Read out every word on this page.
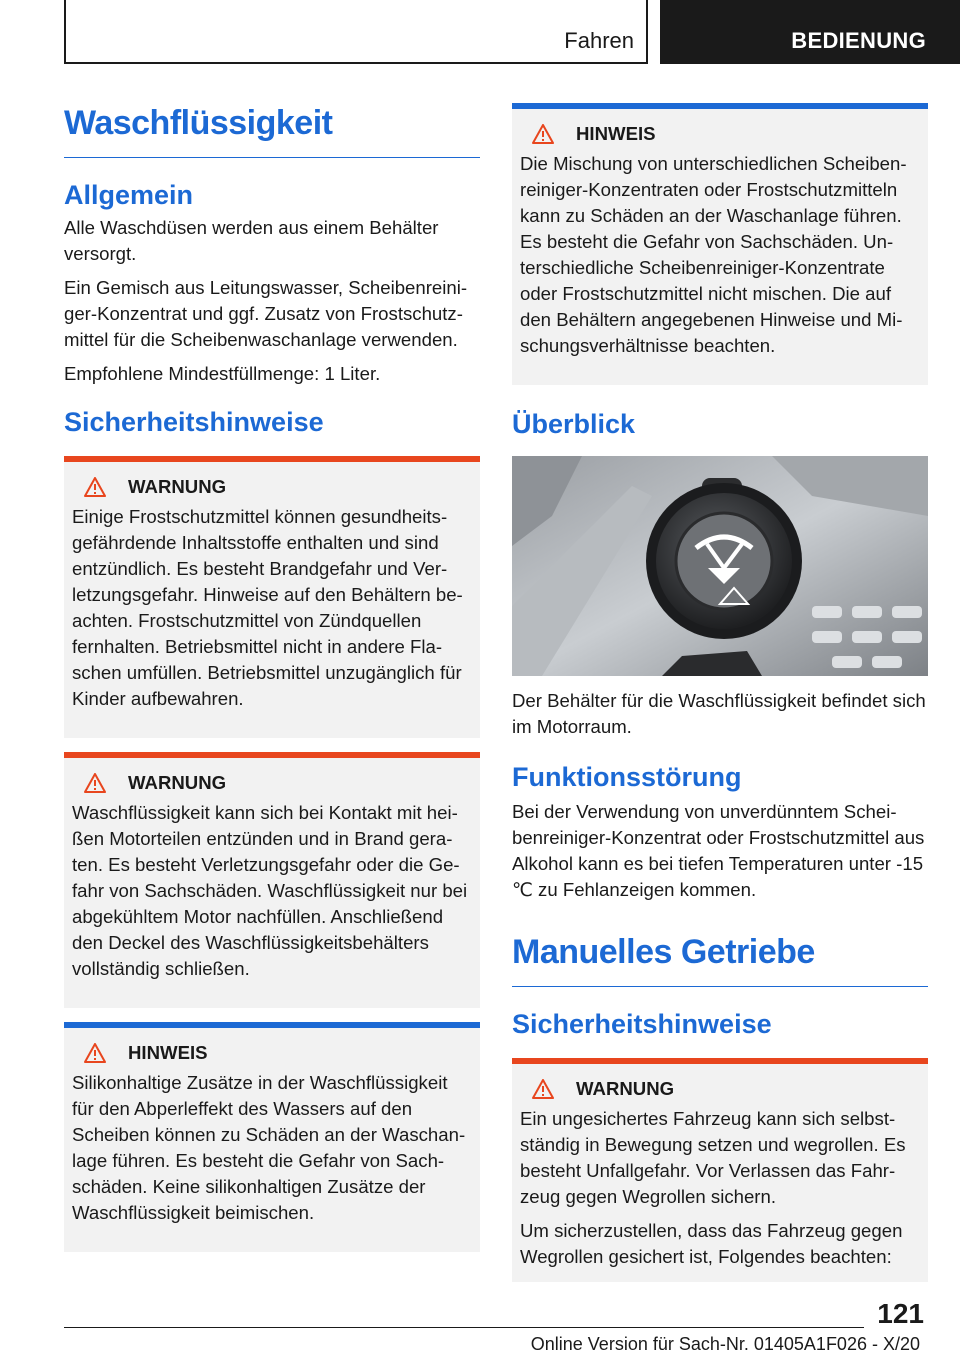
Fahren	BEDIENUNG
Waschflüssigkeit
Allgemein

Alle Waschdüsen werden aus einem Behälter versorgt.

Ein Gemisch aus Leitungswasser, Scheibenreiniger-Konzentrat und ggf. Zusatz von Frostschutzmittel für die Scheibenwaschanlage verwenden.

Empfohlene Mindestfüllmenge: 1 Liter.

Sicherheitshinweise
WARNUNG

Einige Frostschutzmittel können gesundheitsgefährdende Inhaltsstoffe enthalten und sind entzündlich. Es besteht Brandgefahr und Verletzungsgefahr. Hinweise auf den Behältern beachten. Frostschutzmittel von Zündquellen fernhalten. Betriebsmittel nicht in andere Flaschen umfüllen. Betriebsmittel unzugänglich für Kinder aufbewahren.

WARNUNG

Waschflüssigkeit kann sich bei Kontakt mit heißen Motorteilen entzünden und in Brand geraten. Es besteht Verletzungsgefahr oder die Gefahr von Sachschäden. Waschflüssigkeit nur bei abgekühltem Motor nachfüllen. Anschließend den Deckel des Waschflüssigkeitsbehälters vollständig schließen.

HINWEIS

Silikonhaltige Zusätze in der Waschflüssigkeit für den Abperleffekt des Wassers auf den Scheiben können zu Schäden an der Waschanlage führen. Es besteht die Gefahr von Sachschäden. Keine silikonhaltigen Zusätze der Waschflüssigkeit beimischen.

HINWEIS

Die Mischung von unterschiedlichen Scheibenreiniger-Konzentraten oder Frostschutzmitteln kann zu Schäden an der Waschanlage führen. Es besteht die Gefahr von Sachschäden. Unterschiedliche Scheibenreiniger-Konzentrate oder Frostschutzmittel nicht mischen. Die auf den Behältern angegebenen Hinweise und Mischungsverhältnisse beachten.

Überblick

Der Behälter für die Waschflüssigkeit befindet sich im Motorraum.

Funktionsstörung

Bei der Verwendung von unverdünntem Scheibenreiniger-Konzentrat oder Frostschutzmittel aus Alkohol kann es bei tiefen Temperaturen unter -15 ℃ zu Fehlanzeigen kommen.

Manuelles Getriebe
Sicherheitshinweise
WARNUNG

Ein ungesichertes Fahrzeug kann sich selbstständig in Bewegung setzen und wegrollen. Es besteht Unfallgefahr. Vor Verlassen das Fahrzeug gegen Wegrollen sichern.

Um sicherzustellen, dass das Fahrzeug gegen Wegrollen gesichert ist, Folgendes beachten:

121
Online Version für Sach-Nr. 01405A1F026 - X/20
